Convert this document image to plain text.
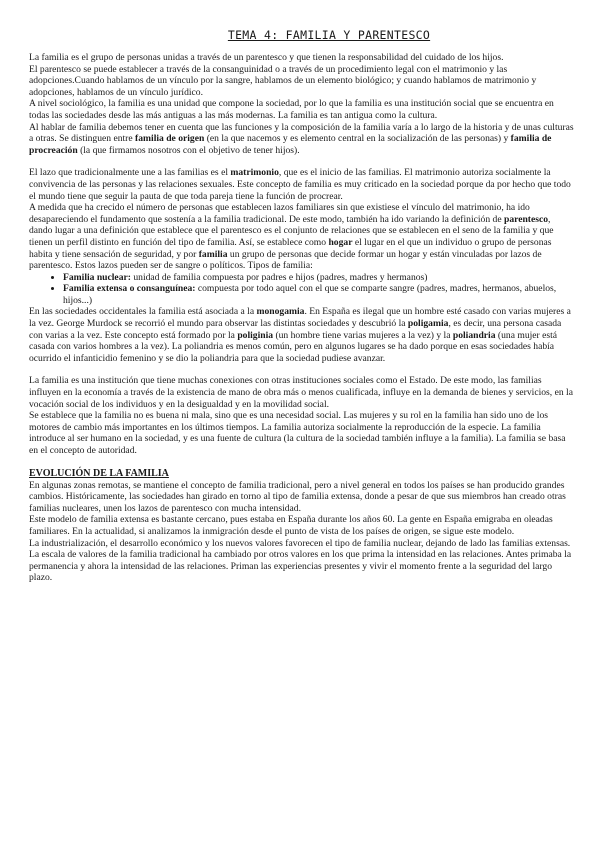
TEMA 4: FAMILIA Y PARENTESCO

La familia es el grupo de personas unidas a través de un parentesco y que tienen la responsabilidad del cuidado de los hijos.

El parentesco se puede establecer a través de la consanguinidad o a través de un procedimiento legal con el matrimonio y las adopciones.Cuando hablamos de un vínculo por la sangre, hablamos de un elemento biológico; y cuando hablamos de matrimonio y adopciones, hablamos de un vínculo jurídico.

A nivel sociológico, la familia es una unidad que compone la sociedad, por lo que la familia es una institución social que se encuentra en todas las sociedades desde las más antiguas a las más modernas. La familia es tan antigua como la cultura.

Al hablar de familia debemos tener en cuenta que las funciones y la composición de la familia varía a lo largo de la historia y de unas culturas a otras. Se distinguen entre familia de origen (en la que nacemos y es elemento central en la socialización de las personas) y familia de procreación (la que firmamos nosotros con el objetivo de tener hijos).

El lazo que tradicionalmente une a las familias es el matrimonio, que es el inicio de las familias. El matrimonio autoriza socialmente la convivencia de las personas y las relaciones sexuales. Este concepto de familia es muy criticado en la sociedad porque da por hecho que todo el mundo tiene que seguir la pauta de que toda pareja tiene la función de procrear.

A medida que ha crecido el número de personas que establecen lazos familiares sin que existiese el vínculo del matrimonio, ha ido desapareciendo el fundamento que sostenía a la familia tradicional. De este modo, también ha ido variando la definición de parentesco, dando lugar a una definición que establece que el parentesco es el conjunto de relaciones que se establecen en el seno de la familia y que tienen un perfil distinto en función del tipo de familia. Así, se establece como hogar el lugar en el que un individuo o grupo de personas habita y tiene sensación de seguridad, y por familia un grupo de personas que decide formar un hogar y están vinculadas por lazos de parentesco. Estos lazos pueden ser de sangre o políticos. Tipos de familia:

• Familia nuclear: unidad de familia compuesta por padres e hijos (padres, madres y hermanos)
• Familia extensa o consanguínea: compuesta por todo aquel con el que se comparte sangre (padres, madres, hermanos, abuelos, hijos...)

En las sociedades occidentales la familia está asociada a la monogamia. En España es ilegal que un hombre esté casado con varias mujeres a la vez. George Murdock se recorrió el mundo para observar las distintas sociedades y descubrió la poligamia, es decir, una persona casada con varias a la vez. Este concepto está formado por la poliginia (un hombre tiene varias mujeres a la vez) y la poliandria (una mujer está casada con varios hombres a la vez). La poliandria es menos común, pero en algunos lugares se ha dado porque en esas sociedades había ocurrido el infanticidio femenino y se dio la poliandria para que la sociedad pudiese avanzar.

La familia es una institución que tiene muchas conexiones con otras instituciones sociales como el Estado. De este modo, las familias influyen en la economía a través de la existencia de mano de obra más o menos cualificada, influye en la demanda de bienes y servicios, en la vocación social de los individuos y en la desigualdad y en la movilidad social.

Se establece que la familia no es buena ni mala, sino que es una necesidad social. Las mujeres y su rol en la familia han sido uno de los motores de cambio más importantes en los últimos tiempos. La familia autoriza socialmente la reproducción de la especie. La familia introduce al ser humano en la sociedad, y es una fuente de cultura (la cultura de la sociedad también influye a la familia). La familia se basa en el concepto de autoridad.

EVOLUCIÓN DE LA FAMILIA

En algunas zonas remotas, se mantiene el concepto de familia tradicional, pero a nivel general en todos los países se han producido grandes cambios. Históricamente, las sociedades han girado en torno al tipo de familia extensa, donde a pesar de que sus miembros han creado otras familias nucleares, unen los lazos de parentesco con mucha intensidad.

Este modelo de familia extensa es bastante cercano, pues estaba en España durante los años 60. La gente en España emigraba en oleadas familiares. En la actualidad, si analizamos la inmigración desde el punto de vista de los países de origen, se sigue este modelo.

La industrialización, el desarrollo económico y los nuevos valores favorecen el tipo de familia nuclear, dejando de lado las familias extensas.

La escala de valores de la familia tradicional ha cambiado por otros valores en los que prima la intensidad en las relaciones. Antes primaba la permanencia y ahora la intensidad de las relaciones. Priman las experiencias presentes y vivir el momento frente a la seguridad del largo plazo.
